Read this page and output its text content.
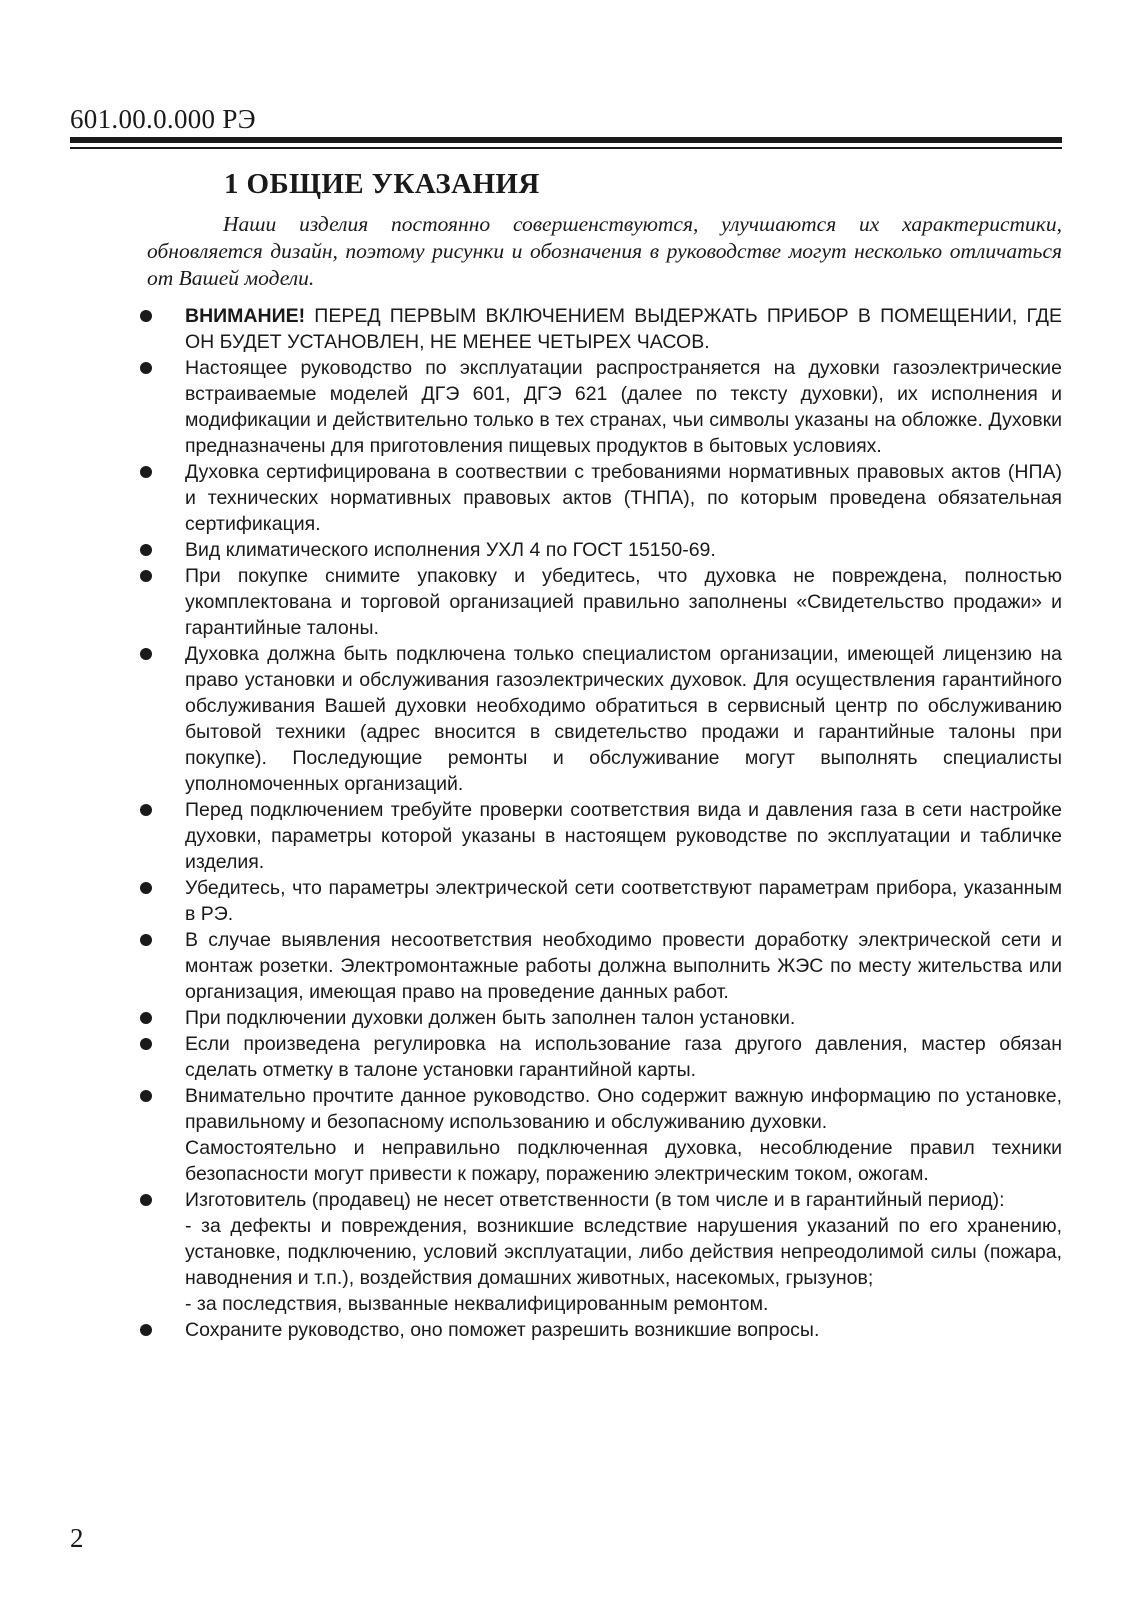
601.00.0.000 РЭ
1 ОБЩИЕ УКАЗАНИЯ

Наши изделия постоянно совершенствуются, улучшаются их характеристики, обновляется дизайн, поэтому рисунки и обозначения в руководстве могут несколько отличаться от Вашей модели.

ВНИМАНИЕ! ПЕРЕД ПЕРВЫМ ВКЛЮЧЕНИЕМ ВЫДЕРЖАТЬ ПРИБОР В ПОМЕЩЕНИИ, ГДЕ ОН БУДЕТ УСТАНОВЛЕН, НЕ МЕНЕЕ ЧЕТЫРЕХ ЧАСОВ.
Настоящее руководство по эксплуатации распространяется на духовки газоэлектрические встраиваемые моделей ДГЭ 601, ДГЭ 621 (далее по тексту духовки), их исполнения и модификации и действительно только в тех странах, чьи символы указаны на обложке. Духовки предназначены для приготовления пищевых продуктов в бытовых условиях.
Духовка сертифицирована в соотвествии с требованиями нормативных правовых актов (НПА) и технических нормативных правовых актов (ТНПА), по которым проведена обязательная сертификация.
Вид климатического исполнения УХЛ 4 по ГОСТ 15150-69.
При покупке снимите упаковку и убедитесь, что духовка не повреждена, полностью укомплектована и торговой организацией правильно заполнены «Свидетельство продажи» и гарантийные талоны.
Духовка должна быть подключена только специалистом организации, имеющей лицензию на право установки и обслуживания газоэлектрических духовок. Для осуществления гарантийного обслуживания Вашей духовки необходимо обратиться в сервисный центр по обслуживанию бытовой техники (адрес вносится в свидетельство продажи и гарантийные талоны при покупке). Последующие ремонты и обслуживание могут выполнять специалисты уполномоченных организаций.
Перед подключением требуйте проверки соответствия вида и давления газа в сети настройке духовки, параметры которой указаны в настоящем руководстве по эксплуатации и табличке изделия.
Убедитесь, что параметры электрической сети соответствуют параметрам прибора, указанным в РЭ.
В случае выявления несоответствия необходимо провести доработку электрической сети и монтаж розетки. Электромонтажные работы должна выполнить ЖЭС по месту жительства или организация, имеющая право на проведение данных работ.
При подключении духовки должен быть заполнен талон установки.
Если произведена регулировка на использование газа другого давления, мастер обязан сделать отметку в талоне установки гарантийной карты.
Внимательно прочтите данное руководство. Оно содержит важную информацию по установке, правильному и безопасному использованию и обслуживанию духовки.
Самостоятельно и неправильно подключенная духовка, несоблюдение правил техники безопасности могут привести к пожару, поражению электрическим током, ожогам.
Изготовитель (продавец) не несет ответственности (в том числе и в гарантийный период):
- за дефекты и повреждения, возникшие вследствие нарушения указаний по его хранению, установке, подключению, условий эксплуатации, либо действия непреодолимой силы (пожара, наводнения и т.п.), воздействия домашних животных, насекомых, грызунов;
- за последствия, вызванные неквалифицированным ремонтом.
Сохраните руководство, оно поможет разрешить возникшие вопросы.
2
